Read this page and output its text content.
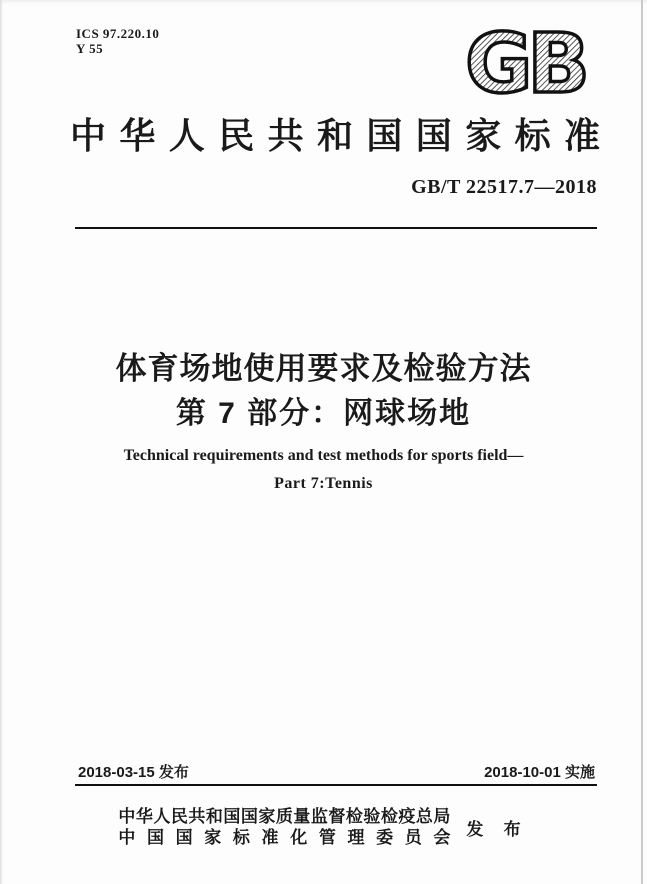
ICS 97.220.10
Y 55	GB
中华人民共和国国家标准
GB/T 22517.7—2018
体育场地使用要求及检验方法
第 7 部分：网球场地
Technical requirements and test methods for sports field—
Part 7:Tennis
2018-03-15 发布	2018-10-01 实施
中华人民共和国国家质量监督检验检疫总局
中国国家标准化管理委员会 发 布
